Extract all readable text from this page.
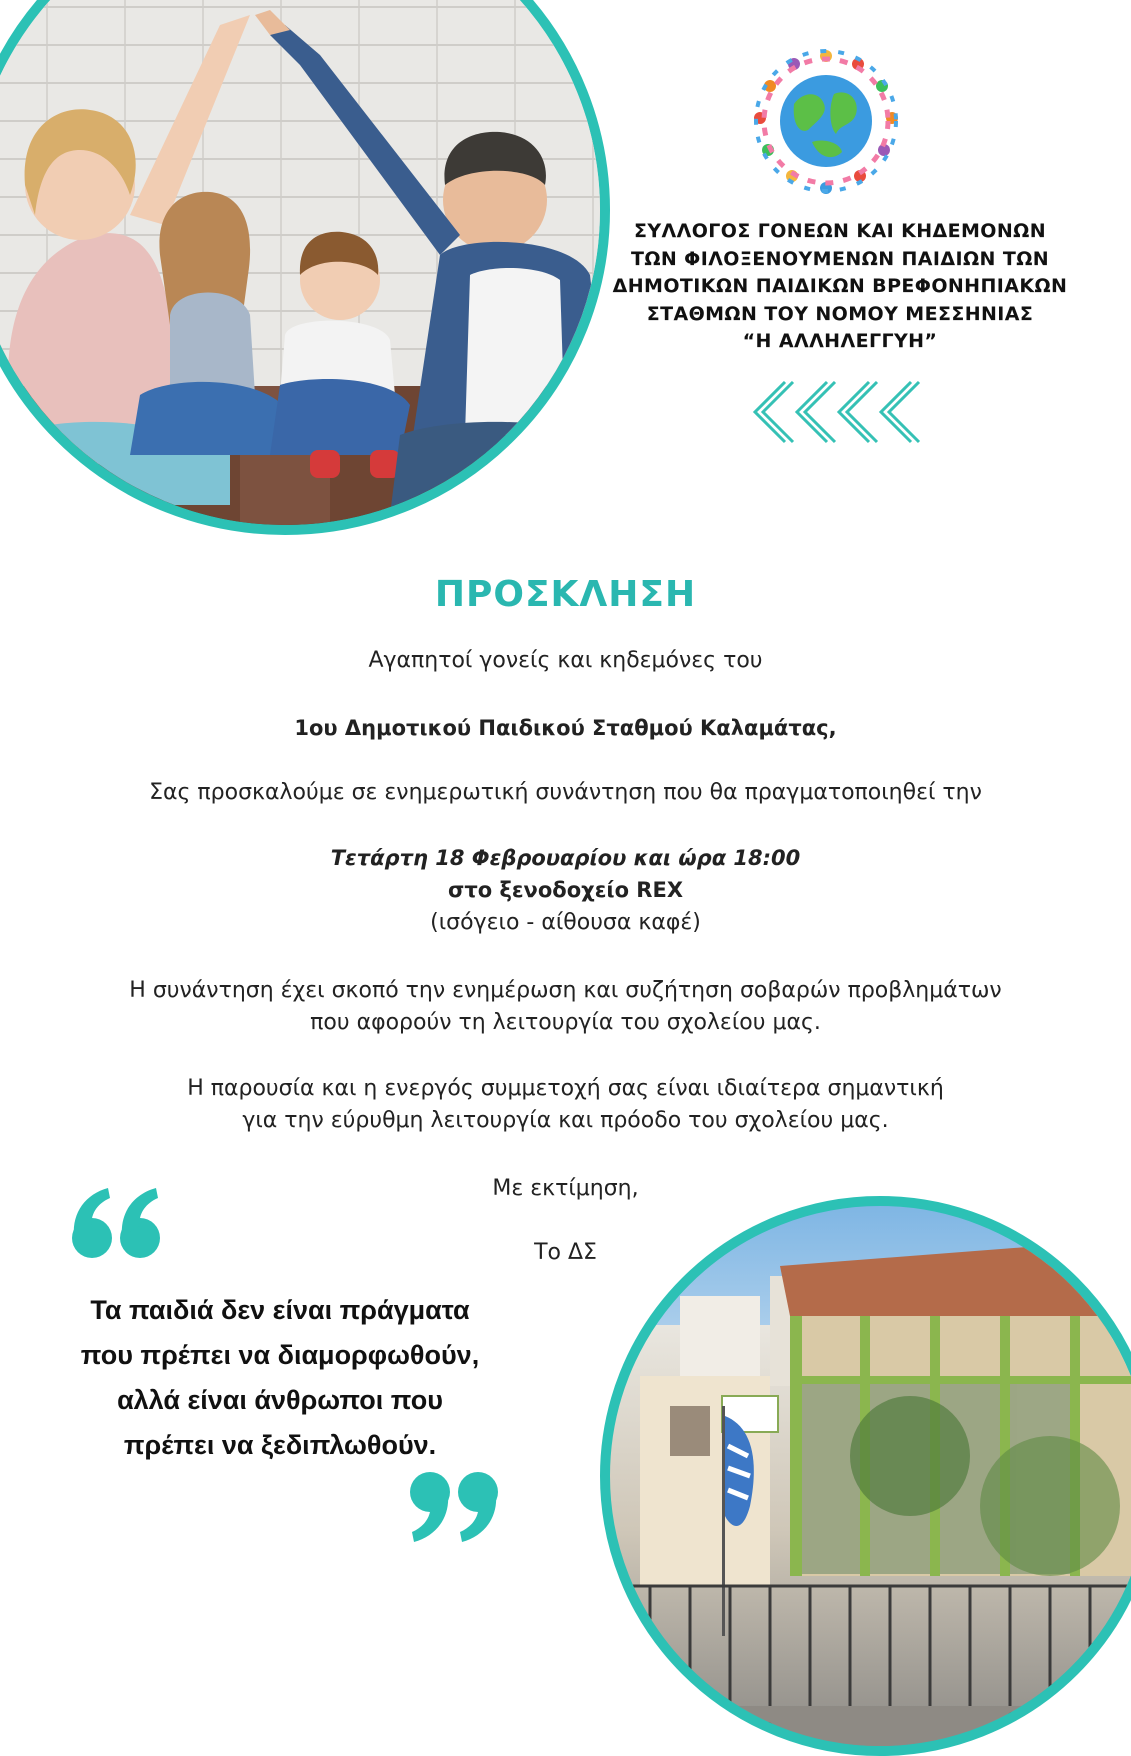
ΣΥΛΛΟΓΟΣ ΓΟΝΕΩΝ ΚΑΙ ΚΗΔΕΜΟΝΩΝ
ΤΩΝ ΦΙΛΟΞΕΝΟΥΜΕΝΩΝ ΠΑΙΔΙΩΝ ΤΩΝ
ΔΗΜΟΤΙΚΩΝ ΠΑΙΔΙΚΩΝ ΒΡΕΦΟΝΗΠΙΑΚΩΝ
ΣΤΑΘΜΩΝ ΤΟΥ ΝΟΜΟΥ ΜΕΣΣΗΝΙΑΣ
“Η ΑΛΛΗΛΕΓΓΥΗ”
ΠΡΟΣΚΛΗΣΗ
Αγαπητοί γονείς και κηδεμόνες του
1ου Δημοτικού Παιδικού Σταθμού Καλαμάτας,
Σας προσκαλούμε σε ενημερωτική συνάντηση που θα πραγματοποιηθεί την
Τετάρτη 18 Φεβρουαρίου και ώρα 18:00
στο ξενοδοχείο REX
(ισόγειο - αίθουσα καφέ)
Η συνάντηση έχει σκοπό την ενημέρωση και συζήτηση σοβαρών προβλημάτων
που αφορούν τη λειτουργία του σχολείου μας.
Η παρουσία και η ενεργός συμμετοχή σας είναι ιδιαίτερα σημαντική
για την εύρυθμη λειτουργία και πρόοδο του σχολείου μας.
Με εκτίμηση,
Το ΔΣ
Τα παιδιά δεν είναι πράγματα
που πρέπει να διαμορφωθούν,
αλλά είναι άνθρωποι που
πρέπει να ξεδιπλωθούν.
